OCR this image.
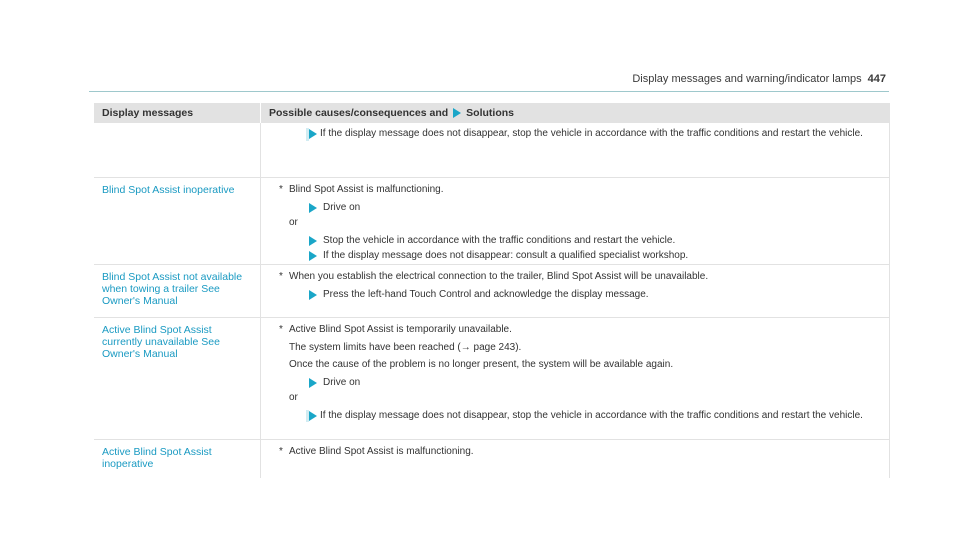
Display messages and warning/indicator lamps 447
Display messages	Possible causes/consequences and Solutions
If the display message does not disappear, stop the vehicle in accordance with the traffic conditions and restart the vehicle.
Blind Spot Assist inoperative	* Blind Spot Assist is malfunctioning.
Drive on
or
Stop the vehicle in accordance with the traffic conditions and restart the vehicle.
If the display message does not disappear: consult a qualified specialist workshop.
Blind Spot Assist not available when towing a trailer See Owner's Manual
* When you establish the electrical connection to the trailer, Blind Spot Assist will be unavailable.
Press the left-hand Touch Control and acknowledge the display message.
Active Blind Spot Assist currently unavailable See Owner's Manual
* Active Blind Spot Assist is temporarily unavailable.
The system limits have been reached (→ page 243).
Once the cause of the problem is no longer present, the system will be available again.
Drive on
or
If the display message does not disappear, stop the vehicle in accordance with the traffic conditions and restart the vehicle.
Active Blind Spot Assist inoperative
* Active Blind Spot Assist is malfunctioning.
